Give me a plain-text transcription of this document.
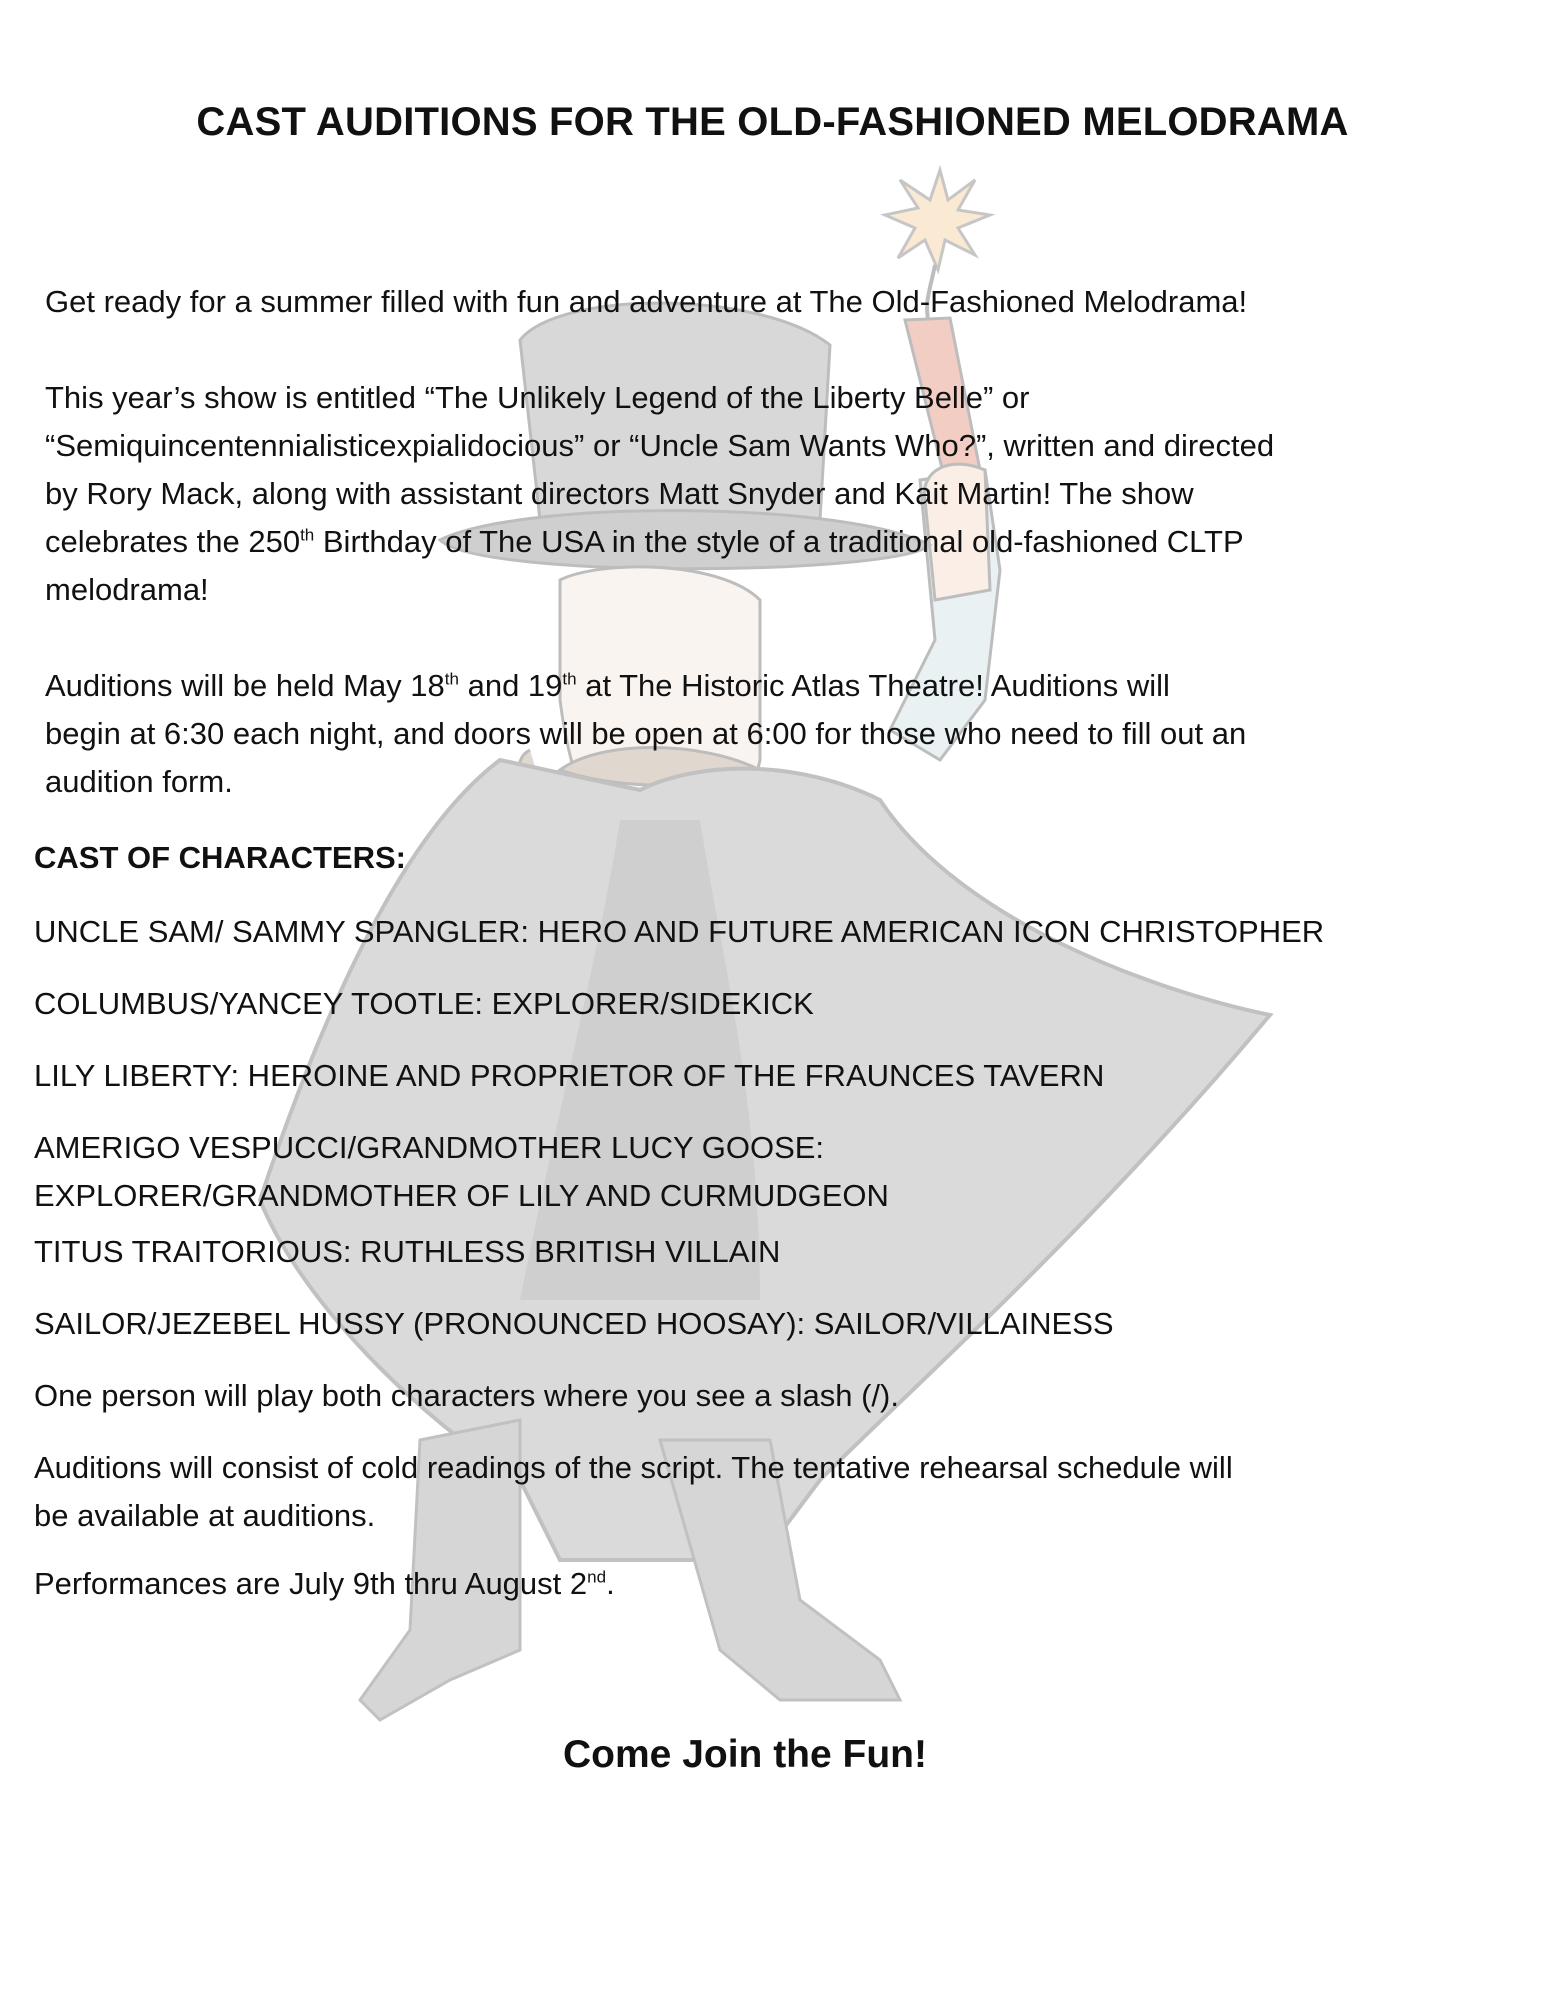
CAST AUDITIONS FOR THE OLD-FASHIONED MELODRAMA

Get ready for a summer filled with fun and adventure at The Old-Fashioned Melodrama!

This year’s show is entitled “The Unlikely Legend of the Liberty Belle” or
“Semiquincentennialisticexpialidocious” or “Uncle Sam Wants Who?”, written and directed
by Rory Mack, along with assistant directors Matt Snyder and Kait Martin! The show
celebrates the 250th Birthday of The USA in the style of a traditional old-fashioned CLTP
melodrama!

Auditions will be held May 18th and 19th at The Historic Atlas Theatre! Auditions will
begin at 6:30 each night, and doors will be open at 6:00 for those who need to fill out an
audition form.

CAST OF CHARACTERS:
UNCLE SAM/ SAMMY SPANGLER: HERO AND FUTURE AMERICAN ICON CHRISTOPHER
COLUMBUS/YANCEY TOOTLE: EXPLORER/SIDEKICK
LILY LIBERTY: HEROINE AND PROPRIETOR OF THE FRAUNCES TAVERN
AMERIGO VESPUCCI/GRANDMOTHER LUCY GOOSE:
EXPLORER/GRANDMOTHER OF LILY AND CURMUDGEON
TITUS TRAITORIOUS: RUTHLESS BRITISH VILLAIN
SAILOR/JEZEBEL HUSSY (PRONOUNCED HOOSAY): SAILOR/VILLAINESS

One person will play both characters where you see a slash (/).

Auditions will consist of cold readings of the script. The tentative rehearsal schedule will
be available at auditions.

Performances are July 9th thru August 2nd.

Come Join the Fun!
